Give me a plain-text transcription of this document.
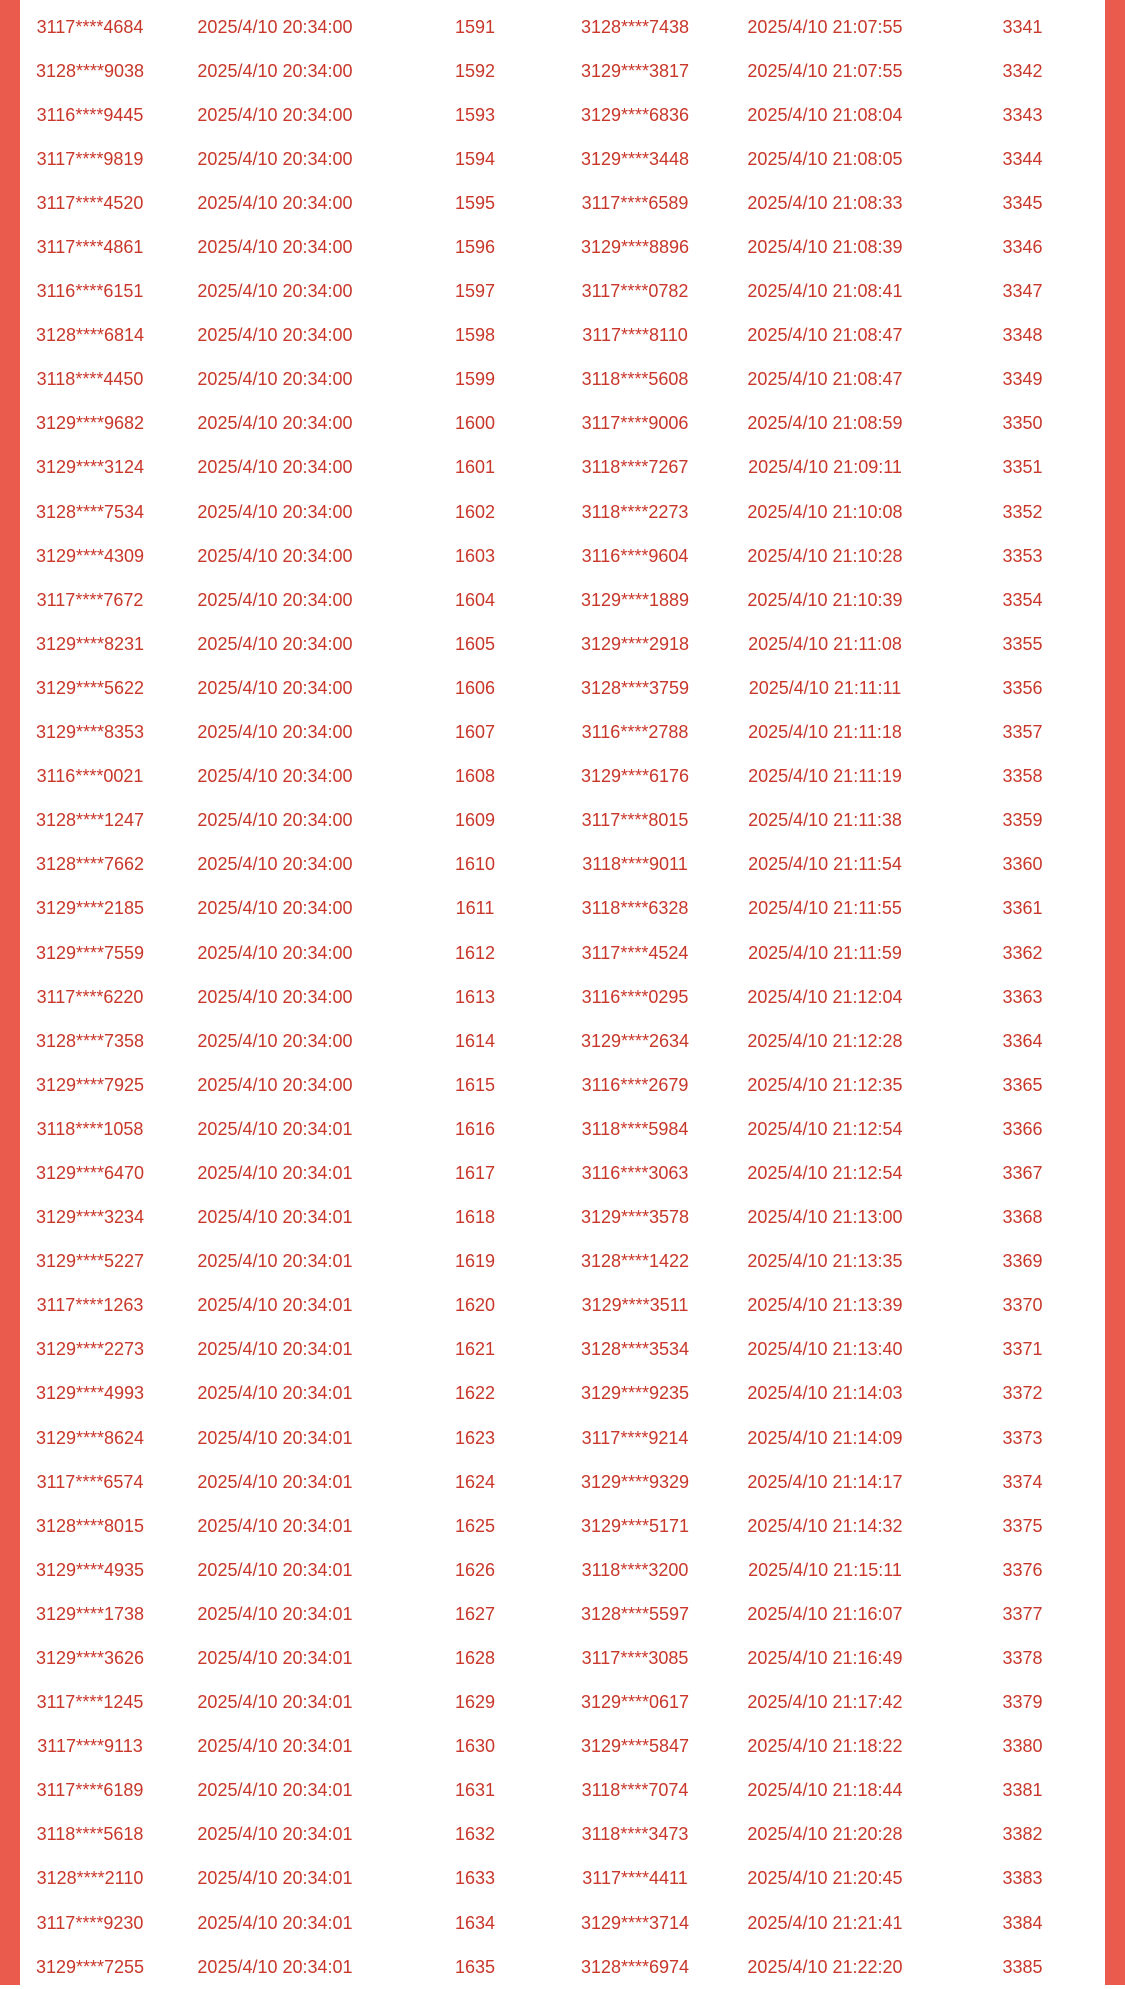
3117****4684	2025/4/10 20:34:00	1591	3128****7438	2025/4/10 21:07:55	3341
3128****9038	2025/4/10 20:34:00	1592	3129****3817	2025/4/10 21:07:55	3342
3116****9445	2025/4/10 20:34:00	1593	3129****6836	2025/4/10 21:08:04	3343
3117****9819	2025/4/10 20:34:00	1594	3129****3448	2025/4/10 21:08:05	3344
3117****4520	2025/4/10 20:34:00	1595	3117****6589	2025/4/10 21:08:33	3345
3117****4861	2025/4/10 20:34:00	1596	3129****8896	2025/4/10 21:08:39	3346
3116****6151	2025/4/10 20:34:00	1597	3117****0782	2025/4/10 21:08:41	3347
3128****6814	2025/4/10 20:34:00	1598	3117****8110	2025/4/10 21:08:47	3348
3118****4450	2025/4/10 20:34:00	1599	3118****5608	2025/4/10 21:08:47	3349
3129****9682	2025/4/10 20:34:00	1600	3117****9006	2025/4/10 21:08:59	3350
3129****3124	2025/4/10 20:34:00	1601	3118****7267	2025/4/10 21:09:11	3351
3128****7534	2025/4/10 20:34:00	1602	3118****2273	2025/4/10 21:10:08	3352
3129****4309	2025/4/10 20:34:00	1603	3116****9604	2025/4/10 21:10:28	3353
3117****7672	2025/4/10 20:34:00	1604	3129****1889	2025/4/10 21:10:39	3354
3129****8231	2025/4/10 20:34:00	1605	3129****2918	2025/4/10 21:11:08	3355
3129****5622	2025/4/10 20:34:00	1606	3128****3759	2025/4/10 21:11:11	3356
3129****8353	2025/4/10 20:34:00	1607	3116****2788	2025/4/10 21:11:18	3357
3116****0021	2025/4/10 20:34:00	1608	3129****6176	2025/4/10 21:11:19	3358
3128****1247	2025/4/10 20:34:00	1609	3117****8015	2025/4/10 21:11:38	3359
3128****7662	2025/4/10 20:34:00	1610	3118****9011	2025/4/10 21:11:54	3360
3129****2185	2025/4/10 20:34:00	1611	3118****6328	2025/4/10 21:11:55	3361
3129****7559	2025/4/10 20:34:00	1612	3117****4524	2025/4/10 21:11:59	3362
3117****6220	2025/4/10 20:34:00	1613	3116****0295	2025/4/10 21:12:04	3363
3128****7358	2025/4/10 20:34:00	1614	3129****2634	2025/4/10 21:12:28	3364
3129****7925	2025/4/10 20:34:00	1615	3116****2679	2025/4/10 21:12:35	3365
3118****1058	2025/4/10 20:34:01	1616	3118****5984	2025/4/10 21:12:54	3366
3129****6470	2025/4/10 20:34:01	1617	3116****3063	2025/4/10 21:12:54	3367
3129****3234	2025/4/10 20:34:01	1618	3129****3578	2025/4/10 21:13:00	3368
3129****5227	2025/4/10 20:34:01	1619	3128****1422	2025/4/10 21:13:35	3369
3117****1263	2025/4/10 20:34:01	1620	3129****3511	2025/4/10 21:13:39	3370
3129****2273	2025/4/10 20:34:01	1621	3128****3534	2025/4/10 21:13:40	3371
3129****4993	2025/4/10 20:34:01	1622	3129****9235	2025/4/10 21:14:03	3372
3129****8624	2025/4/10 20:34:01	1623	3117****9214	2025/4/10 21:14:09	3373
3117****6574	2025/4/10 20:34:01	1624	3129****9329	2025/4/10 21:14:17	3374
3128****8015	2025/4/10 20:34:01	1625	3129****5171	2025/4/10 21:14:32	3375
3129****4935	2025/4/10 20:34:01	1626	3118****3200	2025/4/10 21:15:11	3376
3129****1738	2025/4/10 20:34:01	1627	3128****5597	2025/4/10 21:16:07	3377
3129****3626	2025/4/10 20:34:01	1628	3117****3085	2025/4/10 21:16:49	3378
3117****1245	2025/4/10 20:34:01	1629	3129****0617	2025/4/10 21:17:42	3379
3117****9113	2025/4/10 20:34:01	1630	3129****5847	2025/4/10 21:18:22	3380
3117****6189	2025/4/10 20:34:01	1631	3118****7074	2025/4/10 21:18:44	3381
3118****5618	2025/4/10 20:34:01	1632	3118****3473	2025/4/10 21:20:28	3382
3128****2110	2025/4/10 20:34:01	1633	3117****4411	2025/4/10 21:20:45	3383
3117****9230	2025/4/10 20:34:01	1634	3129****3714	2025/4/10 21:21:41	3384
3129****7255	2025/4/10 20:34:01	1635	3128****6974	2025/4/10 21:22:20	3385
